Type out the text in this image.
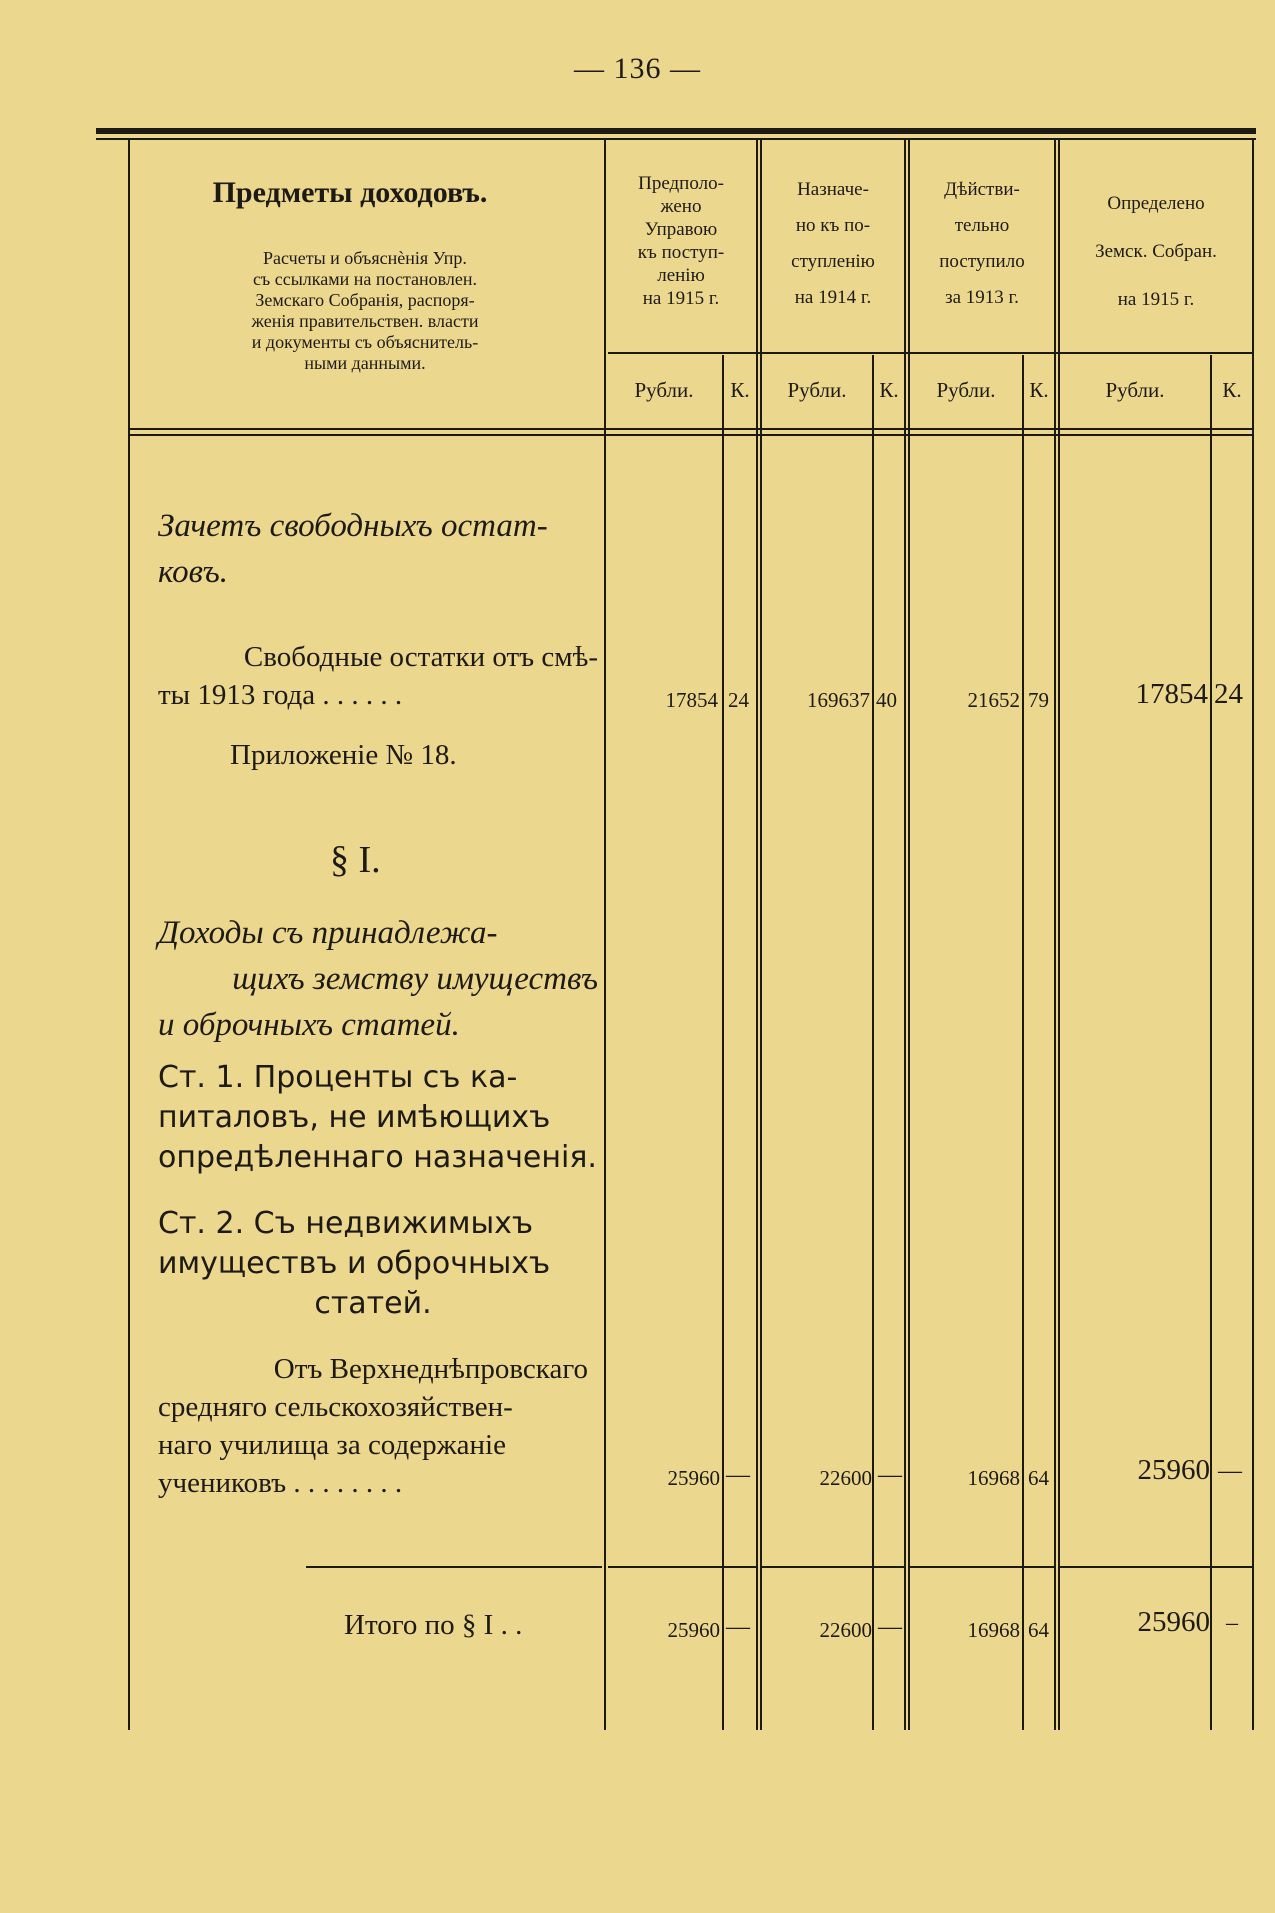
— 136 —
Предметы доходовъ.
Расчеты и объяснѐнія Упр.
съ ссылками на постановлен.
Земскаго Собранія, распоря-
женія правительствен. власти
и документы съ объяснитель-
ными данными.
Предполо-
жено
Управою
къ поступ-
ленію
на 1915 г.
Назначе-
но къ по-
ступленію
на 1914 г.
Дѣйстви-
тельно
поступило
за 1913 г.
Определено
Земск. Собран.
на 1915 г.
Рубли.	К.	Рубли.	К.	Рубли.	К.	Рубли.	К.
Зачетъ свободныхъ остат-
ковъ.
Свободные остатки отъ смѣ-
ты 1913 года . . . . . .	17854 24	169637 40	21652 79	17854 24
Приложеніе № 18.
§ I.
Доходы съ принадлежа-
щихъ земству имуществъ
и оброчныхъ статей.
Ст. 1. Проценты съ ка-
питаловъ, не имѣющихъ
опредѣленнаго назначенія.
Ст. 2. Съ недвижимыхъ
имуществъ и оброчныхъ
статей.
Отъ Верхнеднѣпровскаго
средняго сельскохозяйствен-
наго училища за содержаніе
учениковъ . . . . . . . .	25960 —	22600 —	16968 64	25960 —
Итого по § I . .	25960 —	22600 —	16968 64	25960 –
